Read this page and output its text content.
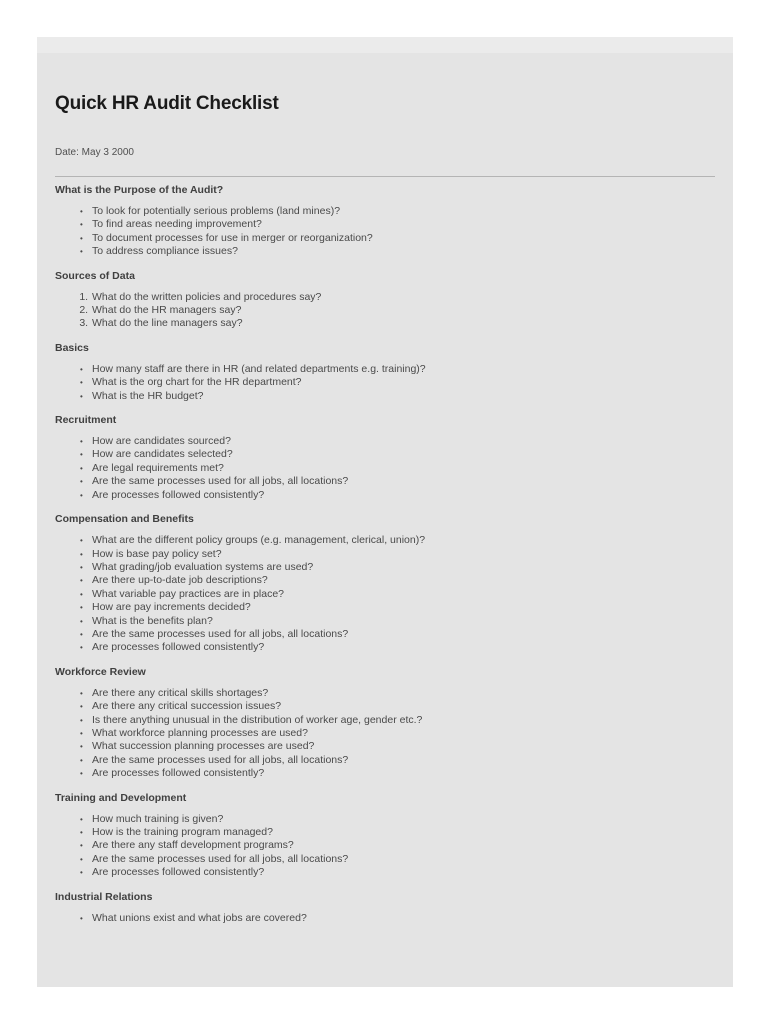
Quick HR Audit Checklist
Date: May 3 2000
What is the Purpose of the Audit?
• To look for potentially serious problems (land mines)?
• To find areas needing improvement?
• To document processes for use in merger or reorganization?
• To address compliance issues?
Sources of Data
1. What do the written policies and procedures say?
2. What do the HR managers say?
3. What do the line managers say?
Basics
• How many staff are there in HR (and related departments e.g. training)?
• What is the org chart for the HR department?
• What is the HR budget?
Recruitment
• How are candidates sourced?
• How are candidates selected?
• Are legal requirements met?
• Are the same processes used for all jobs, all locations?
• Are processes followed consistently?
Compensation and Benefits
• What are the different policy groups (e.g. management, clerical, union)?
• How is base pay policy set?
• What grading/job evaluation systems are used?
• Are there up-to-date job descriptions?
• What variable pay practices are in place?
• How are pay increments decided?
• What is the benefits plan?
• Are the same processes used for all jobs, all locations?
• Are processes followed consistently?
Workforce Review
• Are there any critical skills shortages?
• Are there any critical succession issues?
• Is there anything unusual in the distribution of worker age, gender etc.?
• What workforce planning processes are used?
• What succession planning processes are used?
• Are the same processes used for all jobs, all locations?
• Are processes followed consistently?
Training and Development
• How much training is given?
• How is the training program managed?
• Are there any staff development programs?
• Are the same processes used for all jobs, all locations?
• Are processes followed consistently?
Industrial Relations
• What unions exist and what jobs are covered?
